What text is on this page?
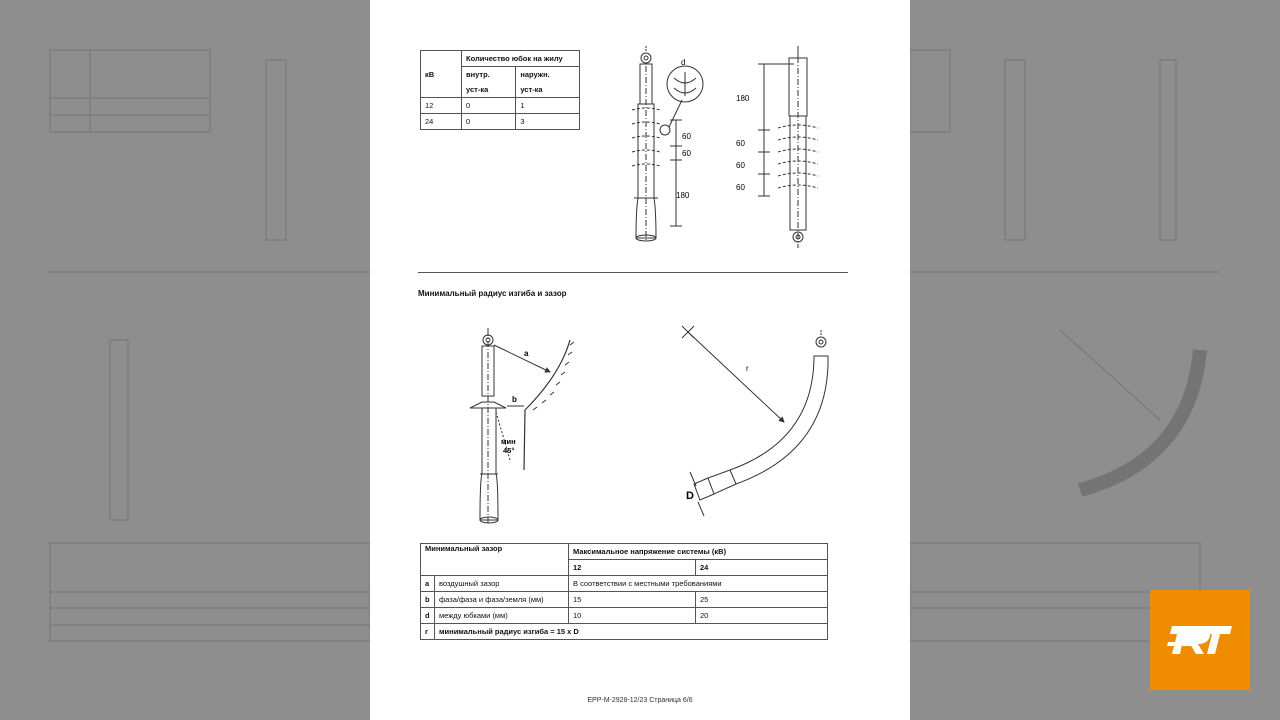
кВ	Количество юбок на жилу	
	внутр.	наружн.
	уст-ка	уст-ка
12	0	1
24	0	3
d
60
60
180
180
60
60
60
Минимальный радиус изгиба и зазор
a
b
мин
45°
r
D
Минимальный зазор		Максимальное напряжение системы (кВ)	
		12	24
a	воздушный зазор	В соответствии с местными требованиями	
b	фаза/фаза и фаза/земля (мм)	15	25
d	между юбками (мм)	10	20
r	минимальный радиус изгиба = 15 x D		
EPP-M-2928-12/23 Страница 6/6
